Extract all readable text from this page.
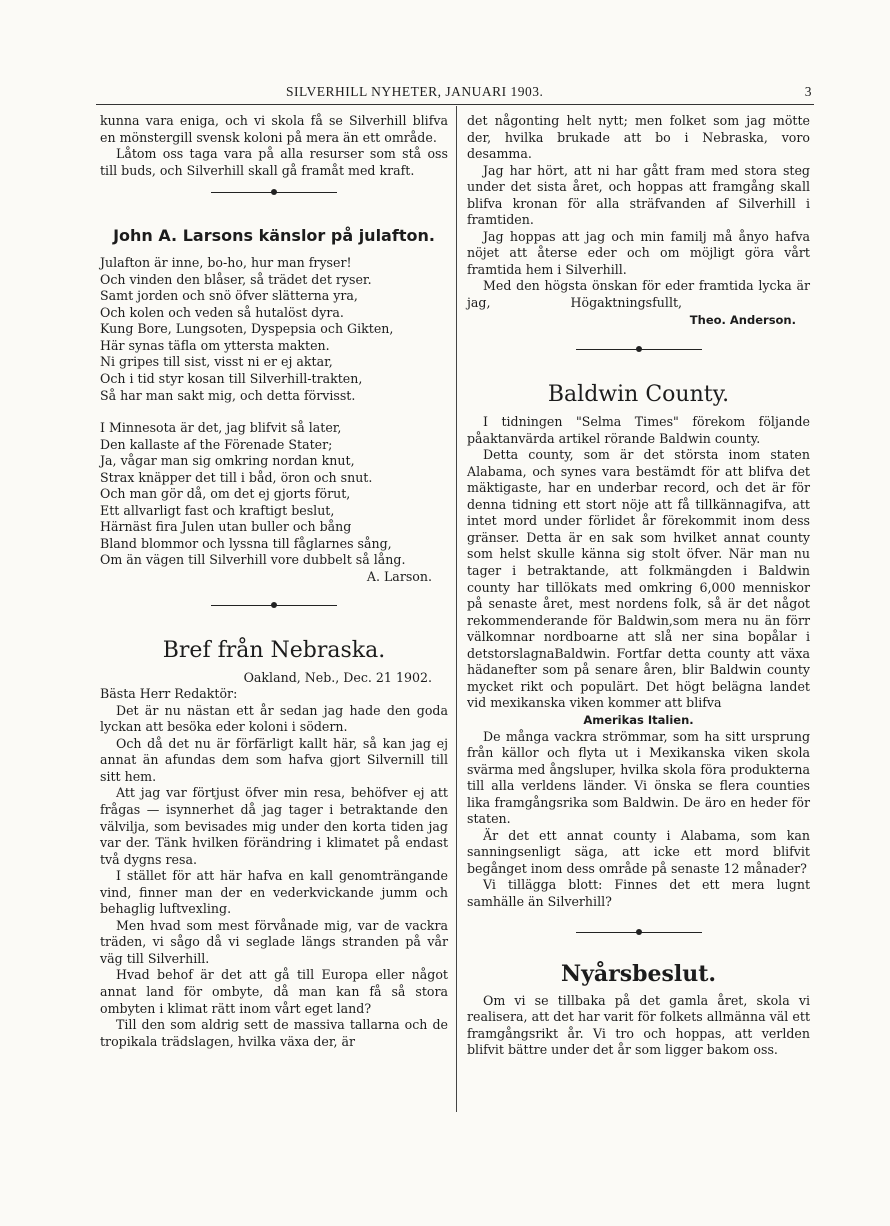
SILVERHILL NYHETER, JANUARI 1903.	3

kunna vara eniga, och vi skola få se Silverhill blifva en mönstergill svensk koloni på mera än ett område.

Låtom oss taga vara på alla resurser som stå oss till buds, och Silverhill skall gå framåt med kraft.

John A. Larsons känslor på julafton.

Julafton är inne, bo-ho, hur man fryser!

Och vinden den blåser, så trädet det ryser.

Samt jorden och snö öfver slätterna yra,

Och kolen och veden så hutalöst dyra.

Kung Bore, Lungsoten, Dyspepsia och Gikten,

Här synas täfla om yttersta makten.

Ni gripes till sist, visst ni er ej aktar,

Och i tid styr kosan till Silverhill-trakten,

Så har man sakt mig, och detta förvisst.

I Minnesota är det, jag blifvit så later,

Den kallaste af the Förenade Stater;

Ja, vågar man sig omkring nordan knut,

Strax knäpper det till i båd, öron och snut.

Och man gör då, om det ej gjorts förut,

Ett allvarligt fast och kraftigt beslut,

Härnäst fira Julen utan buller och bång

Bland blommor och lyssna till fåglarnes sång,

Om än vägen till Silverhill vore dubbelt så lång.

A. Larson.

Bref från Nebraska.

Oakland, Neb., Dec. 21 1902.

Bästa Herr Redaktör:

Det är nu nästan ett år sedan jag hade den goda lyckan att besöka eder koloni i södern.

Och då det nu är förfärligt kallt här, så kan jag ej annat än afundas dem som hafva gjort Silvernill till sitt hem.

Att jag var förtjust öfver min resa, behöfver ej att frågas — isynnerhet då jag tager i betraktande den välvilja, som bevisades mig under den korta tiden jag var der. Tänk hvilken förändring i klimatet på endast två dygns resa.

I stället för att här hafva en kall genomträngande vind, finner man der en vederkvickande jumm och behaglig luftvexling.

Men hvad som mest förvånade mig, var de vackra träden, vi sågo då vi seglade längs stranden på vår väg till Silverhill.

Hvad behof är det att gå till Europa eller något annat land för ombyte, då man kan få så stora ombyten i klimat rätt inom vårt eget land?

Till den som aldrig sett de massiva tallarna och de tropikala trädslagen, hvilka växa der, är

det någonting helt nytt; men folket som jag mötte der, hvilka brukade att bo i Nebraska, voro desamma.

Jag har hört, att ni har gått fram med stora steg under det sista året, och hoppas att framgång skall blifva kronan för alla sträfvanden af Silverhill i framtiden.

Jag hoppas att jag och min familj må ånyo hafva nöjet att återse eder och om möjligt göra vårt framtida hem i Silverhill.

Med den högsta önskan för eder framtida lycka är jag,                    Högaktningsfullt,

Theo. Anderson.

Baldwin County.

I tidningen "Selma Times" förekom följande påaktanvärda artikel rörande Baldwin county.

Detta county, som är det största inom staten Alabama, och synes vara bestämdt för att blifva det mäktigaste, har en underbar record, och det är för denna tidning ett stort nöje att få tillkännagifva, att intet mord under förlidet år förekommit inom dess gränser. Detta är en sak som hvilket annat county som helst skulle känna sig stolt öfver. När man nu tager i betraktande, att folkmängden i Baldwin county har tillökats med omkring 6,000 menniskor på senaste året, mest nordens folk, så är det något rekommenderande för Baldwin,som mera nu än förr välkomnar nordboarne att slå ner sina bopålar i detstorslagnaBaldwin. Fortfar detta county att växa hädanefter som på senare åren, blir Baldwin county mycket rikt och populärt. Det högt belägna landet vid mexikanska viken kommer att blifva

Amerikas Italien.

De många vackra strömmar, som ha sitt ursprung från källor och flyta ut i Mexikanska viken skola svärma med ångsluper, hvilka skola föra produkterna till alla verldens länder. Vi önska se flera counties lika framgångsrika som Baldwin. De äro en heder för staten.

Är det ett annat county i Alabama, som kan sanningsenligt säga, att icke ett mord blifvit begånget inom dess område på senaste 12 månader?

Vi tillägga blott: Finnes det ett mera lugnt samhälle än Silverhill?

Nyårsbeslut.

Om vi se tillbaka på det gamla året, skola vi realisera, att det har varit för folkets allmänna väl ett framgångsrikt år. Vi tro och hoppas, att verlden blifvit bättre under det år som ligger bakom oss.
